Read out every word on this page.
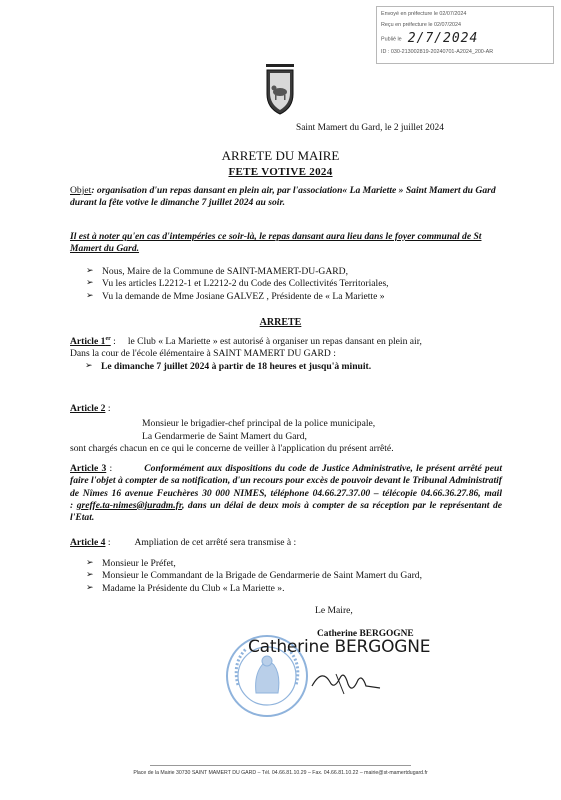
Envoyé en préfecture le 02/07/2024
Reçu en préfecture le 02/07/2024
Publié le 2/7/2024
ID : 030-213002819-20240701-A2024_200-AR
Saint Mamert du Gard, le 2 juillet 2024
ARRETE DU MAIRE
FETE VOTIVE 2024
Objet: organisation d'un repas dansant en plein air, par l'association« La Mariette » Saint Mamert du Gard durant la fête votive le dimanche 7 juillet 2024 au soir.
Il est à noter qu'en cas d'intempéries ce soir-là, le repas dansant aura lieu dans le foyer communal de St Mamert du Gard.
➢ Nous, Maire de la Commune de SAINT-MAMERT-DU-GARD,
➢ Vu les articles L2212-1 et L2212-2 du Code des Collectivités Territoriales,
➢ Vu la demande de Mme Josiane GALVEZ , Présidente de « La Mariette »
ARRETE
Article 1er :     le Club « La Mariette » est autorisé à organiser un repas dansant en plein air,
Dans la cour de l'école élémentaire à SAINT MAMERT DU GARD :
➢ Le dimanche 7 juillet 2024 à partir de 18 heures et jusqu'à minuit.
Article 2 :
Monsieur le brigadier-chef principal de la police municipale,
La Gendarmerie de Saint Mamert du Gard,
sont chargés chacun en ce qui le concerne de veiller à l'application du présent arrêté.
Article 3 :          Conformément aux dispositions du code de Justice Administrative, le présent arrêté peut faire l'objet à compter de sa notification, d'un recours pour excès de pouvoir devant le Tribunal Administratif de Nîmes 16 avenue Feuchères 30 000 NIMES, téléphone 04.66.27.37.00 – télécopie 04.66.36.27.86, mail : greffe.ta-nimes@juradm.fr, dans un délai de deux mois à compter de sa réception par le représentant de l'Etat.
Article 4 :          Ampliation de cet arrêté sera transmise à :
➢ Monsieur le Préfet,
➢ Monsieur le Commandant de la Brigade de Gendarmerie de Saint Mamert du Gard,
➢ Madame la Présidente du Club « La Mariette ».
Le Maire,
Catherine BERGOGNE
Catherine BERGOGNE
Place de la Mairie 30730 SAINT MAMERT DU GARD – Tél. 04.66.81.10.29 – Fax. 04.66.81.10.22 – mairie@st-mamertdugard.fr
